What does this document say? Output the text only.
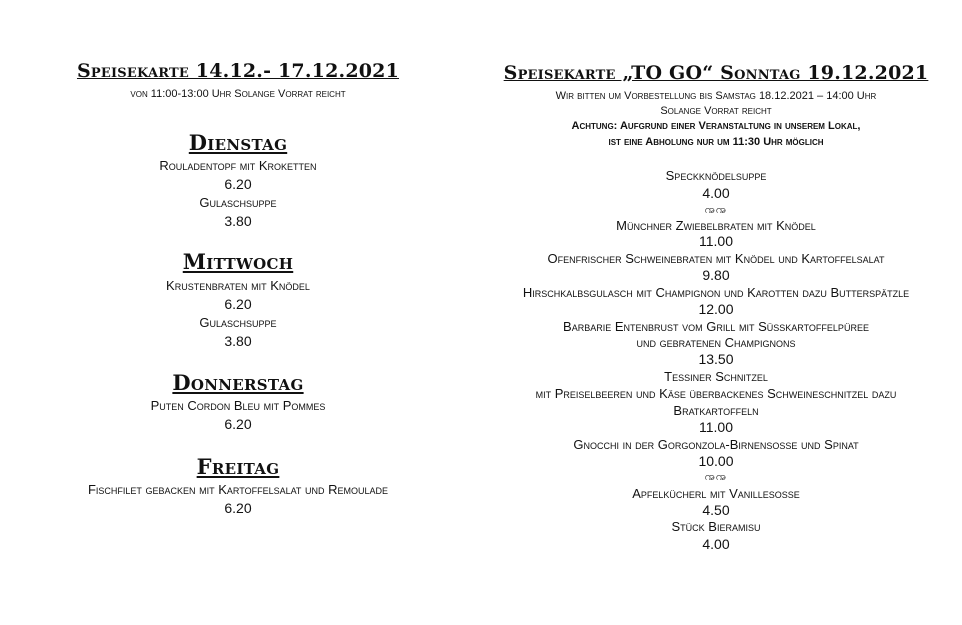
Speisekarte 14.12.- 17.12.2021
von 11:00-13:00 Uhr Solange Vorrat reicht
Dienstag
Rouladentopf mit Kroketten
6.20
Gulaschsuppe
3.80
Mittwoch
Krustenbraten mit Knödel
6.20
Gulaschsuppe
3.80
Donnerstag
Puten Cordon Bleu mit Pommes
6.20
Freitag
Fischfilet gebacken mit Kartoffelsalat und Remoulade
6.20
Speisekarte „TO GO“ Sonntag 19.12.2021
Wir bitten um Vorbestellung bis Samstag 18.12.2021 – 14:00 Uhr
Solange Vorrat reicht
Achtung: Aufgrund einer Veranstaltung in unserem Lokal,
ist eine Abholung nur um 11:30 Uhr möglich
Speckknödelsuppe
4.00
ꩠꩠ
Münchner Zwiebelbraten mit Knödel
11.00
Ofenfrischer Schweinebraten mit Knödel und Kartoffelsalat
9.80
Hirschkalbsgulasch mit Champignon und Karotten dazu Butterspätzle
12.00
Barbarie Entenbrust vom Grill mit Süßkartoffelpüree
und gebratenen Champignons
13.50
Tessiner Schnitzel
mit Preiselbeeren und Käse überbackenes Schweineschnitzel dazu
Bratkartoffeln
11.00
Gnocchi in der Gorgonzola-Birnensoße und Spinat
10.00
ꩠꩠ
Apfelkücherl mit Vanillesoße
4.50
Stück Bieramisu
4.00
